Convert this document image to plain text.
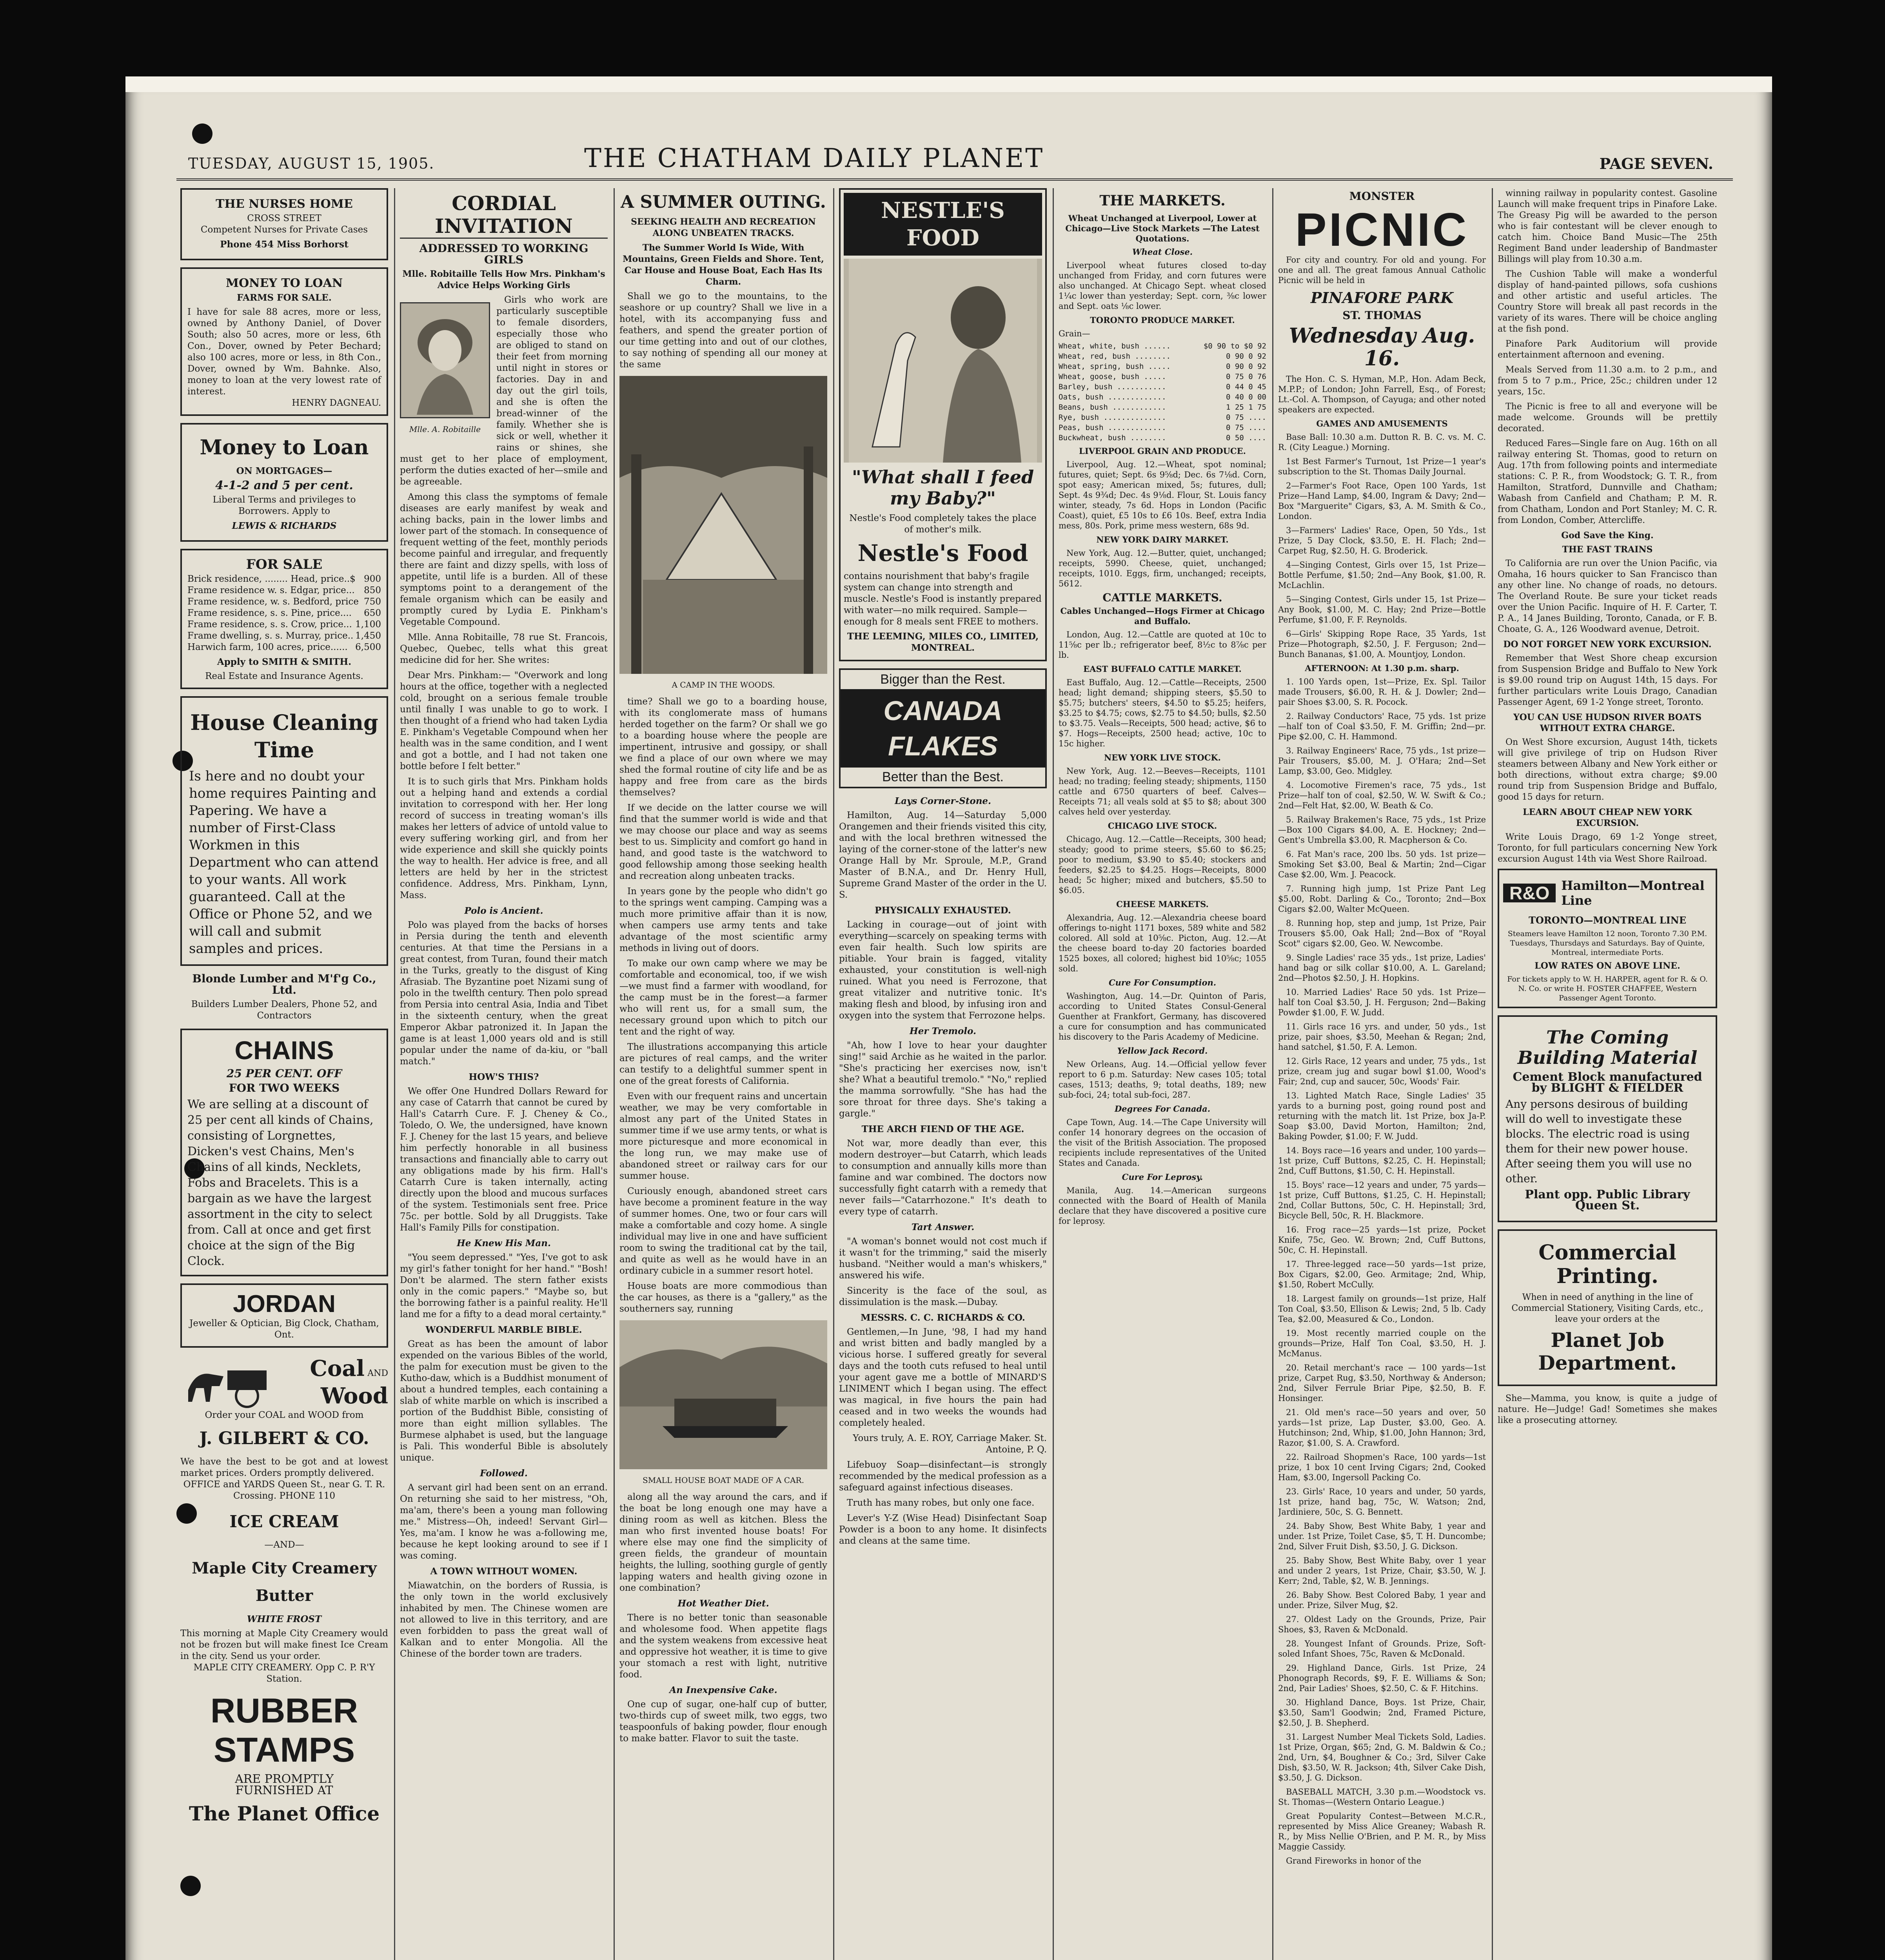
TUESDAY, AUGUST 15, 1905.	THE CHATHAM DAILY PLANET	PAGE SEVEN.
THE NURSES HOME
CROSS STREET
Competent Nurses for Private Cases
Phone 454 Miss Borhorst
MONEY TO LOAN
FARMS FOR SALE.
I have for sale 88 acres, more or less, owned by Anthony Daniel, of Dover South; also 50 acres, more or less, 6th Con., Dover, owned by Peter Bechard; also 100 acres, more or less, in 8th Con., Dover, owned by Wm. Bahnke. Also, money to loan at the very lowest rate of interest.
HENRY DAGNEAU.
Money to Loan
ON MORTGAGES—
4-1-2 and 5 per cent.
Liberal Terms and privileges to Borrowers. Apply to
LEWIS & RICHARDS
FOR SALE
Brick residence, ........ Head, price..$ 900
Frame residence w. s. Edgar, price... 850
Frame residence, w. s. Bedford, price 750
Frame residence, s. s. Pine, price.... 650
Frame residence, s. s. Crow, price... 1,100
Frame dwelling, s. s. Murray, price.. 1,450
Harwich farm, 100 acres, price...... 6,500
Apply to SMITH & SMITH.
Real Estate and Insurance Agents.
House Cleaning Time
Is here and no doubt your home requires Painting and Papering. We have a number of First-Class Workmen in this Department who can attend to your wants. All work guaranteed. Call at the Office or Phone 52, and we will call and submit samples and prices.
Blonde Lumber and M'f'g Co., Ltd.
Builders Lumber Dealers, Phone 52, and Contractors
CHAINS
25 PER CENT. OFF
FOR TWO WEEKS
We are selling at a discount of 25 per cent all kinds of Chains, consisting of Lorgnettes, Dicken's vest Chains, Men's Chains of all kinds, Necklets, Fobs and Bracelets. This is a bargain as we have the largest assortment in the city to select from. Call at once and get first choice at the sign of the Big Clock.
JORDAN
Jeweller & Optician, Big Clock, Chatham, Ont.
Coal AND
Wood
Order your COAL and WOOD from
J. GILBERT & CO.
We have the best to be got and at lowest market prices. Orders promptly delivered.
OFFICE and YARDS Queen St., near G. T. R. Crossing. PHONE 110
ICE CREAM
—AND—
Maple City Creamery Butter
WHITE FROST
This morning at Maple City Creamery would not be frozen but will make finest Ice Cream in the city. Send us your order.
MAPLE CITY CREAMERY. Opp C. P. R'Y Station.
RUBBER STAMPS
ARE PROMPTLY
FURNISHED AT
The Planet Office
CORDIAL INVITATION
ADDRESSED TO WORKING GIRLS
Mlle. Robitaille Tells How Mrs. Pinkham's Advice Helps Working Girls
Mlle. A. Robitaille

Girls who work are particularly susceptible to female disorders, especially those who are obliged to stand on their feet from morning until night in stores or factories. Day in and day out the girl toils, and she is often the bread-winner of the family. Whether she is sick or well, whether it rains or shines, she must get to her place of employment, perform the duties exacted of her—smile and be agreeable.

Among this class the symptoms of female diseases are early manifest by weak and aching backs, pain in the lower limbs and lower part of the stomach. In consequence of frequent wetting of the feet, monthly periods become painful and irregular, and frequently there are faint and dizzy spells, with loss of appetite, until life is a burden. All of these symptoms point to a derangement of the female organism which can be easily and promptly cured by Lydia E. Pinkham's Vegetable Compound.

Mlle. Anna Robitaille, 78 rue St. Francois, Quebec, Quebec, tells what this great medicine did for her. She writes:

Dear Mrs. Pinkham:— "Overwork and long hours at the office, together with a neglected cold, brought on a serious female trouble until finally I was unable to go to work. I then thought of a friend who had taken Lydia E. Pinkham's Vegetable Compound when her health was in the same condition, and I went and got a bottle, and I had not taken one bottle before I felt better."

It is to such girls that Mrs. Pinkham holds out a helping hand and extends a cordial invitation to correspond with her. Her long record of success in treating woman's ills makes her letters of advice of untold value to every suffering working girl, and from her wide experience and skill she quickly points the way to health. Her advice is free, and all letters are held by her in the strictest confidence. Address, Mrs. Pinkham, Lynn, Mass.

Polo is Ancient.

Polo was played from the backs of horses in Persia during the tenth and eleventh centuries. At that time the Persians in a great contest, from Turan, found their match in the Turks, greatly to the disgust of King Afrasiab. The Byzantine poet Nizami sung of polo in the twelfth century. Then polo spread from Persia into central Asia, India and Tibet in the sixteenth century, when the great Emperor Akbar patronized it. In Japan the game is at least 1,000 years old and is still popular under the name of da-kiu, or "ball match."

HOW'S THIS?

We offer One Hundred Dollars Reward for any case of Catarrh that cannot be cured by Hall's Catarrh Cure. F. J. Cheney & Co., Toledo, O. We, the undersigned, have known F. J. Cheney for the last 15 years, and believe him perfectly honorable in all business transactions and financially able to carry out any obligations made by his firm. Hall's Catarrh Cure is taken internally, acting directly upon the blood and mucous surfaces of the system. Testimonials sent free. Price 75c. per bottle. Sold by all Druggists. Take Hall's Family Pills for constipation.

He Knew His Man.

"You seem depressed." "Yes, I've got to ask my girl's father tonight for her hand." "Bosh! Don't be alarmed. The stern father exists only in the comic papers." "Maybe so, but the borrowing father is a painful reality. He'll land me for a fifty to a dead moral certainty."

WONDERFUL MARBLE BIBLE.

Great as has been the amount of labor expended on the various Bibles of the world, the palm for execution must be given to the Kutho-daw, which is a Buddhist monument of about a hundred temples, each containing a slab of white marble on which is inscribed a portion of the Buddhist Bible, consisting of more than eight million syllables. The Burmese alphabet is used, but the language is Pali. This wonderful Bible is absolutely unique.

Followed.

A servant girl had been sent on an errand. On returning she said to her mistress, "Oh, ma'am, there's been a young man following me." Mistress—Oh, indeed! Servant Girl—Yes, ma'am. I know he was a-following me, because he kept looking around to see if I was coming.

A TOWN WITHOUT WOMEN.

Miawatchin, on the borders of Russia, is the only town in the world exclusively inhabited by men. The Chinese women are not allowed to live in this territory, and are even forbidden to pass the great wall of Kalkan and to enter Mongolia. All the Chinese of the border town are traders.

A SUMMER OUTING.
SEEKING HEALTH AND RECREATION ALONG UNBEATEN TRACKS.
The Summer World Is Wide, With Mountains, Green Fields and Shore. Tent, Car House and House Boat, Each Has Its Charm.

Shall we go to the mountains, to the seashore or up country? Shall we live in a hotel, with its accompanying fuss and feathers, and spend the greater portion of our time getting into and out of our clothes, to say nothing of spending all our money at the same

A CAMP IN THE WOODS.

time? Shall we go to a boarding house, with its conglomerate mass of humans herded together on the farm? Or shall we go to a boarding house where the people are impertinent, intrusive and gossipy, or shall we find a place of our own where we may shed the formal routine of city life and be as happy and free from care as the birds themselves?

If we decide on the latter course we will find that the summer world is wide and that we may choose our place and way as seems best to us. Simplicity and comfort go hand in hand, and good taste is the watchword to good fellowship among those seeking health and recreation along unbeaten tracks.

In years gone by the people who didn't go to the springs went camping. Camping was a much more primitive affair than it is now, when campers use army tents and take advantage of the most scientific army methods in living out of doors.

To make our own camp where we may be comfortable and economical, too, if we wish—we must find a farmer with woodland, for the camp must be in the forest—a farmer who will rent us, for a small sum, the necessary ground upon which to pitch our tent and the right of way.

The illustrations accompanying this article are pictures of real camps, and the writer can testify to a delightful summer spent in one of the great forests of California.

Even with our frequent rains and uncertain weather, we may be very comfortable in almost any part of the United States in summer time if we use army tents, or what is more picturesque and more economical in the long run, we may make use of abandoned street or railway cars for our summer house.

Curiously enough, abandoned street cars have become a prominent feature in the way of summer homes. One, two or four cars will make a comfortable and cozy home. A single individual may live in one and have sufficient room to swing the traditional cat by the tail, and quite as well as he would have in an ordinary cubicle in a summer resort hotel.

House boats are more commodious than the car houses, as there is a "gallery," as the southerners say, running

SMALL HOUSE BOAT MADE OF A CAR.

along all the way around the cars, and if the boat be long enough one may have a dining room as well as kitchen. Bless the man who first invented house boats! For where else may one find the simplicity of green fields, the grandeur of mountain heights, the lulling, soothing gurgle of gently lapping waters and health giving ozone in one combination?

Hot Weather Diet.

There is no better tonic than seasonable and wholesome food. When appetite flags and the system weakens from excessive heat and oppressive hot weather, it is time to give your stomach a rest with light, nutritive food.

An Inexpensive Cake.

One cup of sugar, one-half cup of butter, two-thirds cup of sweet milk, two eggs, two teaspoonfuls of baking powder, flour enough to make batter. Flavor to suit the taste.

NESTLE'S FOOD
"What shall I feed my Baby?"
Nestle's Food completely takes the place of mother's milk.
Nestle's Food
contains nourishment that baby's fragile system can change into strength and muscle. Nestle's Food is instantly prepared with water—no milk required. Sample—enough for 8 meals sent FREE to mothers.
THE LEEMING, MILES CO., LIMITED, MONTREAL.
Bigger than the Rest.
CANADA FLAKES
Better than the Best.
Lays Corner-Stone.

Hamilton, Aug. 14—Saturday 5,000 Orangemen and their friends visited this city, and with the local brethren witnessed the laying of the corner-stone of the latter's new Orange Hall by Mr. Sproule, M.P., Grand Master of B.N.A., and Dr. Henry Hull, Supreme Grand Master of the order in the U. S.

PHYSICALLY EXHAUSTED.

Lacking in courage—out of joint with everything—scarcely on speaking terms with even fair health. Such low spirits are pitiable. Your brain is fagged, vitality exhausted, your constitution is well-nigh ruined. What you need is Ferrozone, that great vitalizer and nutritive tonic. It's making flesh and blood, by infusing iron and oxygen into the system that Ferrozone helps.

Her Tremolo.

"Ah, how I love to hear your daughter sing!" said Archie as he waited in the parlor. "She's practicing her exercises now, isn't she? What a beautiful tremolo." "No," replied the mamma sorrowfully. "She has had the sore throat for three days. She's taking a gargle."

THE ARCH FIEND OF THE AGE.

Not war, more deadly than ever, this modern destroyer—but Catarrh, which leads to consumption and annually kills more than famine and war combined. The doctors now successfully fight catarrh with a remedy that never fails—"Catarrhozone." It's death to every type of catarrh.

Tart Answer.

"A woman's bonnet would not cost much if it wasn't for the trimming," said the miserly husband. "Neither would a man's whiskers," answered his wife.

Sincerity is the face of the soul, as dissimulation is the mask.—Dubay.

MESSRS. C. C. RICHARDS & CO.

Gentlemen,—In June, '98, I had my hand and wrist bitten and badly mangled by a vicious horse. I suffered greatly for several days and the tooth cuts refused to heal until your agent gave me a bottle of MINARD'S LINIMENT which I began using. The effect was magical, in five hours the pain had ceased and in two weeks the wounds had completely healed.

Yours truly, A. E. ROY, Carriage Maker. St. Antoine, P. Q.

Lifebuoy Soap—disinfectant—is strongly recommended by the medical profession as a safeguard against infectious diseases.

Truth has many robes, but only one face.

Lever's Y-Z (Wise Head) Disinfectant Soap Powder is a boon to any home. It disinfects and cleans at the same time.

THE MARKETS.
Wheat Unchanged at Liverpool, Lower at Chicago—Live Stock Markets —The Latest Quotations.
Wheat Close.

Liverpool wheat futures closed to-day unchanged from Friday, and corn futures were also unchanged. At Chicago Sept. wheat closed 1¼c lower than yesterday; Sept. corn, ⅜c lower and Sept. oats ⅛c lower.

TORONTO PRODUCE MARKET.
Grain—
Wheat, white, bush ......	$0 90 to $0 92
Wheat, red, bush ........	0 90 0 92
Wheat, spring, bush .....	0 90 0 92
Wheat, goose, bush .....	0 75 0 76
Barley, bush ...........	0 44 0 45
Oats, bush .............	0 40 0 00
Beans, bush ............	1 25 1 75
Rye, bush ..............	0 75 ....
Peas, bush .............	0 75 ....
Buckwheat, bush ........	0 50 ....
LIVERPOOL GRAIN AND PRODUCE.

Liverpool, Aug. 12.—Wheat, spot nominal; futures, quiet; Sept. 6s 9⅝d; Dec. 6s 7⅛d. Corn, spot easy; American mixed, 5s; futures, dull; Sept. 4s 9¾d; Dec. 4s 9⅛d. Flour, St. Louis fancy winter, steady, 7s 6d. Hops in London (Pacific Coast), quiet, £5 10s to £6 10s. Beef, extra India mess, 80s. Pork, prime mess western, 68s 9d.

NEW YORK DAIRY MARKET.

New York, Aug. 12.—Butter, quiet, unchanged; receipts, 5990. Cheese, quiet, unchanged; receipts, 1010. Eggs, firm, unchanged; receipts, 5612.

CATTLE MARKETS.
Cables Unchanged—Hogs Firmer at Chicago and Buffalo.

London, Aug. 12.—Cattle are quoted at 10c to 11⅝c per lb.; refrigerator beef, 8½c to 8⅞c per lb.

EAST BUFFALO CATTLE MARKET.

East Buffalo, Aug. 12.—Cattle—Receipts, 2500 head; light demand; shipping steers, $5.50 to $5.75; butchers' steers, $4.50 to $5.25; heifers, $3.25 to $4.75; cows, $2.75 to $4.50; bulls, $2.50 to $3.75. Veals—Receipts, 500 head; active, $6 to $7. Hogs—Receipts, 2500 head; active, 10c to 15c higher.

NEW YORK LIVE STOCK.

New York, Aug. 12.—Beeves—Receipts, 1101 head; no trading; feeling steady; shipments, 1150 cattle and 6750 quarters of beef. Calves—Receipts 71; all veals sold at $5 to $8; about 300 calves held over yesterday.

CHICAGO LIVE STOCK.

Chicago, Aug. 12.—Cattle—Receipts, 300 head; steady; good to prime steers, $5.60 to $6.25; poor to medium, $3.90 to $5.40; stockers and feeders, $2.25 to $4.25. Hogs—Receipts, 8000 head; 5c higher; mixed and butchers, $5.50 to $6.05.

CHEESE MARKETS.

Alexandria, Aug. 12.—Alexandria cheese board offerings to-night 1171 boxes, 589 white and 582 colored. All sold at 10⅝c. Picton, Aug. 12.—At the cheese board to-day 20 factories boarded 1525 boxes, all colored; highest bid 10⅝c; 1055 sold.

Cure For Consumption.

Washington, Aug. 14.—Dr. Quinton of Paris, according to United States Consul-General Guenther at Frankfort, Germany, has discovered a cure for consumption and has communicated his discovery to the Paris Academy of Medicine.

Yellow Jack Record.

New Orleans, Aug. 14.—Official yellow fever report to 6 p.m. Saturday: New cases 105; total cases, 1513; deaths, 9; total deaths, 189; new sub-foci, 24; total sub-foci, 287.

Degrees For Canada.

Cape Town, Aug. 14.—The Cape University will confer 14 honorary degrees on the occasion of the visit of the British Association. The proposed recipients include representatives of the United States and Canada.

Cure For Leprosy.

Manila, Aug. 14.—American surgeons connected with the Board of Health of Manila declare that they have discovered a positive cure for leprosy.

MONSTER
PICNIC

For city and country. For old and young. For one and all. The great famous Annual Catholic Picnic will be held in

PINAFORE PARK
ST. THOMAS
Wednesday Aug. 16.

The Hon. C. S. Hyman, M.P., Hon. Adam Beck, M.P.P.; of London; John Farrell, Esq., of Forest; Lt.-Col. A. Thompson, of Cayuga; and other noted speakers are expected.

GAMES AND AMUSEMENTS

Base Ball: 10.30 a.m. Dutton R. B. C. vs. M. C. R. (City League.) Morning.

1st Best Farmer's Turnout, 1st Prize—1 year's subscription to the St. Thomas Daily Journal.

2—Farmer's Foot Race, Open 100 Yards, 1st Prize—Hand Lamp, $4.00, Ingram & Davy; 2nd—Box "Marguerite" Cigars, $3, A. M. Smith & Co., London.

3—Farmers' Ladies' Race, Open, 50 Yds., 1st Prize, 5 Day Clock, $3.50, E. H. Flach; 2nd—Carpet Rug, $2.50, H. G. Broderick.

4—Singing Contest, Girls over 15, 1st Prize—Bottle Perfume, $1.50; 2nd—Any Book, $1.00, R. McLachlin.

5—Singing Contest, Girls under 15, 1st Prize—Any Book, $1.00, M. C. Hay; 2nd Prize—Bottle Perfume, $1.00, F. F. Reynolds.

6—Girls' Skipping Rope Race, 35 Yards, 1st Prize—Photograph, $2.50, J. F. Ferguson; 2nd—Bunch Bananas, $1.00, A. Mountjoy, London.

AFTERNOON: At 1.30 p.m. sharp.

1. 100 Yards open, 1st—Prize, Ex. Spl. Tailor made Trousers, $6.00, R. H. & J. Dowler; 2nd—pair Shoes $3.00, S. R. Pocock.

2. Railway Conductors' Race, 75 yds. 1st prize—half ton of Coal $3.50, F. M. Griffin; 2nd—pr. Pipe $2.00, C. H. Hammond.

3. Railway Engineers' Race, 75 yds., 1st prize—Pair Trousers, $5.00, M. J. O'Hara; 2nd—Set Lamp, $3.00, Geo. Midgley.

4. Locomotive Firemen's race, 75 yds., 1st Prize—half ton of coal, $2.50, W. W. Swift & Co.; 2nd—Felt Hat, $2.00, W. Beath & Co.

5. Railway Brakemen's Race, 75 yds., 1st Prize—Box 100 Cigars $4.00, A. E. Hockney; 2nd—Gent's Umbrella $3.00, R. Macpherson & Co.

6. Fat Man's race, 200 lbs. 50 yds. 1st prize—Smoking Set $3.00, Beal & Martin; 2nd—Cigar Case $2.00, Wm. J. Peacock.

7. Running high jump, 1st Prize Pant Leg $5.00, Robt. Darling & Co., Toronto; 2nd—Box Cigars $2.00, Walter McQueen.

8. Running hop, step and jump, 1st Prize, Pair Trousers $5.00, Oak Hall; 2nd—Box of "Royal Scot" cigars $2.00, Geo. W. Newcombe.

9. Single Ladies' race 35 yds., 1st prize, Ladies' hand bag or silk collar $10.00, A. L. Gareland; 2nd—Photos $2.50, J. H. Hopkins.

10. Married Ladies' Race 50 yds. 1st Prize—half ton Coal $3.50, J. H. Ferguson; 2nd—Baking Powder $1.00, F. W. Judd.

11. Girls race 16 yrs. and under, 50 yds., 1st prize, pair shoes, $3.50, Meehan & Regan; 2nd, hand satchel, $1.50, F. A. Lemon.

12. Girls Race, 12 years and under, 75 yds., 1st prize, cream jug and sugar bowl $1.00, Wood's Fair; 2nd, cup and saucer, 50c, Woods' Fair.

13. Lighted Match Race, Single Ladies' 35 yards to a burning post, going round post and returning with the match lit. 1st Prize, box Ja-P. Soap $3.00, David Morton, Hamilton; 2nd, Baking Powder, $1.00; F. W. Judd.

14. Boys race—16 years and under, 100 yards—1st prize, Cuff Buttons, $2.25, C. H. Hepinstall; 2nd, Cuff Buttons, $1.50, C. H. Hepinstall.

15. Boys' race—12 years and under, 75 yards—1st prize, Cuff Buttons, $1.25, C. H. Hepinstall; 2nd, Collar Buttons, 50c, C. H. Hepinstall; 3rd, Bicycle Bell, 50c, R. H. Blackmore.

16. Frog race—25 yards—1st prize, Pocket Knife, 75c, Geo. W. Brown; 2nd, Cuff Buttons, 50c, C. H. Hepinstall.

17. Three-legged race—50 yards—1st prize, Box Cigars, $2.00, Geo. Armitage; 2nd, Whip, $1.50, Robert McCully.

18. Largest family on grounds—1st prize, Half Ton Coal, $3.50, Ellison & Lewis; 2nd, 5 lb. Cady Tea, $2.00, Measured & Co., London.

19. Most recently married couple on the grounds—Prize, Half Ton Coal, $3.50, H. J. McManus.

20. Retail merchant's race — 100 yards—1st prize, Carpet Rug, $3.50, Northway & Anderson; 2nd, Silver Ferrule Briar Pipe, $2.50, B. F. Honsinger.

21. Old men's race—50 years and over, 50 yards—1st prize, Lap Duster, $3.00, Geo. A. Hutchinson; 2nd, Whip, $1.00, John Hannon; 3rd, Razor, $1.00, S. A. Crawford.

22. Railroad Shopmen's Race, 100 yards—1st prize, 1 box 10 cent Irving Cigars; 2nd, Cooked Ham, $3.00, Ingersoll Packing Co.

23. Girls' Race, 10 years and under, 50 yards, 1st prize, hand bag, 75c, W. Watson; 2nd, Jardiniere, 50c, S. G. Bennett.

24. Baby Show, Best White Baby, 1 year and under. 1st Prize, Toilet Case, $5, T. H. Duncombe; 2nd, Silver Fruit Dish, $3.50, J. G. Dickson.

25. Baby Show, Best White Baby, over 1 year and under 2 years, 1st Prize, Chair, $3.50, W. J. Kerr; 2nd, Table, $2, W. B. Jennings.

26. Baby Show. Best Colored Baby, 1 year and under. Prize, Silver Mug, $2.

27. Oldest Lady on the Grounds, Prize, Pair Shoes, $3, Raven & McDonald.

28. Youngest Infant of Grounds. Prize, Soft-soled Infant Shoes, 75c, Raven & McDonald.

29. Highland Dance, Girls. 1st Prize, 24 Phonograph Records, $9, F. E. Williams & Son; 2nd, Pair Ladies' Shoes, $2.50, C. & F. Hitchins.

30. Highland Dance, Boys. 1st Prize, Chair, $3.50, Sam'l Goodwin; 2nd, Framed Picture, $2.50, J. B. Shepherd.

31. Largest Number Meal Tickets Sold, Ladies. 1st Prize, Organ, $65; 2nd, G. M. Baldwin & Co.; 2nd, Urn, $4, Boughner & Co.; 3rd, Silver Cake Dish, $3.50, W. R. Jackson; 4th, Silver Cake Dish, $3.50, J. G. Dickson.

BASEBALL MATCH, 3.30 p.m.—Woodstock vs. St. Thomas—(Western Ontario League.)

Great Popularity Contest—Between M.C.R., represented by Miss Alice Greaney; Wabash R. R., by Miss Nellie O'Brien, and P. M. R., by Miss Maggie Cassidy.

Grand Fireworks in honor of the

winning railway in popularity contest. Gasoline Launch will make frequent trips in Pinafore Lake. The Greasy Pig will be awarded to the person who is fair contestant will be clever enough to catch him. Choice Band Music—The 25th Regiment Band under leadership of Bandmaster Billings will play from 10.30 a.m.

The Cushion Table will make a wonderful display of hand-painted pillows, sofa cushions and other artistic and useful articles. The Country Store will break all past records in the variety of its wares. There will be choice angling at the fish pond.

Pinafore Park Auditorium will provide entertainment afternoon and evening.

Meals Served from 11.30 a.m. to 2 p.m., and from 5 to 7 p.m., Price, 25c.; children under 12 years, 15c.

The Picnic is free to all and everyone will be made welcome. Grounds will be prettily decorated.

Reduced Fares—Single fare on Aug. 16th on all railway entering St. Thomas, good to return on Aug. 17th from following points and intermediate stations: C. P. R., from Woodstock; G. T. R., from Hamilton, Stratford, Dunnville and Chatham; Wabash from Canfield and Chatham; P. M. R. from Chatham, London and Port Stanley; M. C. R. from London, Comber, Attercliffe.

God Save the King.
THE FAST TRAINS

To California are run over the Union Pacific, via Omaha, 16 hours quicker to San Francisco than any other line. No change of roads, no detours. The Overland Route. Be sure your ticket reads over the Union Pacific. Inquire of H. F. Carter, T. P. A., 14 Janes Building, Toronto, Canada, or F. B. Choate, G. A., 126 Woodward avenue, Detroit.

DO NOT FORGET NEW YORK EXCURSION.

Remember that West Shore cheap excursion from Suspension Bridge and Buffalo to New York is $9.00 round trip on August 14th, 15 days. For further particulars write Louis Drago, Canadian Passenger Agent, 69 1-2 Yonge street, Toronto.

YOU CAN USE HUDSON RIVER BOATS WITHOUT EXTRA CHARGE.

On West Shore excursion, August 14th, tickets will give privilege of trip on Hudson River steamers between Albany and New York either or both directions, without extra charge; $9.00 round trip from Suspension Bridge and Buffalo, good 15 days for return.

LEARN ABOUT CHEAP NEW YORK EXCURSION.

Write Louis Drago, 69 1-2 Yonge street, Toronto, for full particulars concerning New York excursion August 14th via West Shore Railroad.

R&O Hamilton—Montreal Line
TORONTO—MONTREAL LINE
Steamers leave Hamilton 12 noon, Toronto 7.30 P.M. Tuesdays, Thursdays and Saturdays. Bay of Quinte, Montreal, intermediate Ports.
LOW RATES ON ABOVE LINE.
For tickets apply to W. H. HARPER, agent for R. & O. N. Co. or write H. FOSTER CHAFFEE, Western Passenger Agent Toronto.
The Coming Building Material
Cement Block manufactured by BLIGHT & FIELDER
Any persons desirous of building will do well to investigate these blocks. The electric road is using them for their new power house. After seeing them you will use no other.
Plant opp. Public Library Queen St.
Commercial Printing.
When in need of anything in the line of Commercial Stationery, Visiting Cards, etc., leave your orders at the
Planet Job Department.

She—Mamma, you know, is quite a judge of nature. He—Judge! Gad! Sometimes she makes like a prosecuting attorney.
